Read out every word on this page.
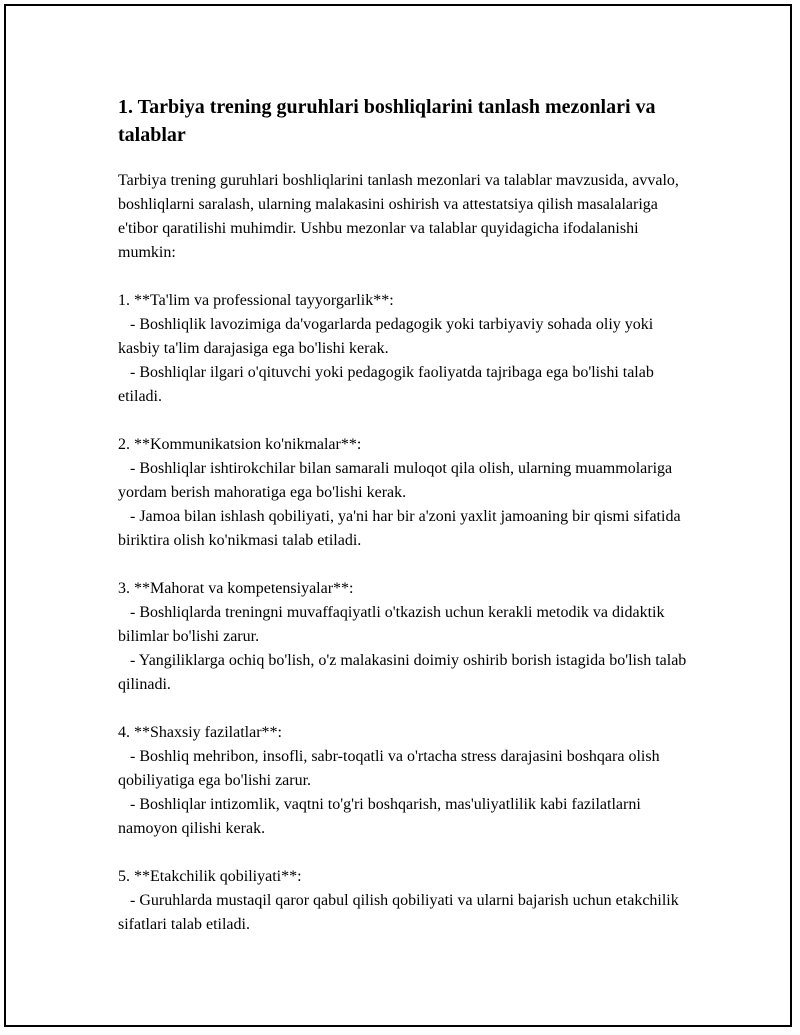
1. Tarbiya trening guruhlari boshliqlarini tanlash mezonlari va talablar

Tarbiya trening guruhlari boshliqlarini tanlash mezonlari va talablar mavzusida, avvalo, boshliqlarni saralash, ularning malakasini oshirish va attestatsiya qilish masalalariga e'tibor qaratilishi muhimdir. Ushbu mezonlar va talablar quyidagicha ifodalanishi mumkin:

1. **Ta'lim va professional tayyorgarlik**:
- Boshliqlik lavozimiga da'vogarlarda pedagogik yoki tarbiyaviy sohada oliy yoki kasbiy ta'lim darajasiga ega bo'lishi kerak.
- Boshliqlar ilgari o'qituvchi yoki pedagogik faoliyatda tajribaga ega bo'lishi talab etiladi.
2. **Kommunikatsion ko'nikmalar**:
- Boshliqlar ishtirokchilar bilan samarali muloqot qila olish, ularning muammolariga yordam berish mahoratiga ega bo'lishi kerak.
- Jamoa bilan ishlash qobiliyati, ya'ni har bir a'zoni yaxlit jamoaning bir qismi sifatida biriktira olish ko'nikmasi talab etiladi.
3. **Mahorat va kompetensiyalar**:
- Boshliqlarda treningni muvaffaqiyatli o'tkazish uchun kerakli metodik va didaktik bilimlar bo'lishi zarur.
- Yangiliklarga ochiq bo'lish, o'z malakasini doimiy oshirib borish istagida bo'lish talab qilinadi.
4. **Shaxsiy fazilatlar**:
- Boshliq mehribon, insofli, sabr-toqatli va o'rtacha stress darajasini boshqara olish qobiliyatiga ega bo'lishi zarur.
- Boshliqlar intizomlik, vaqtni to'g'ri boshqarish, mas'uliyatlilik kabi fazilatlarni namoyon qilishi kerak.
5. **Etakchilik qobiliyati**:
- Guruhlarda mustaqil qaror qabul qilish qobiliyati va ularni bajarish uchun etakchilik sifatlari talab etiladi.
